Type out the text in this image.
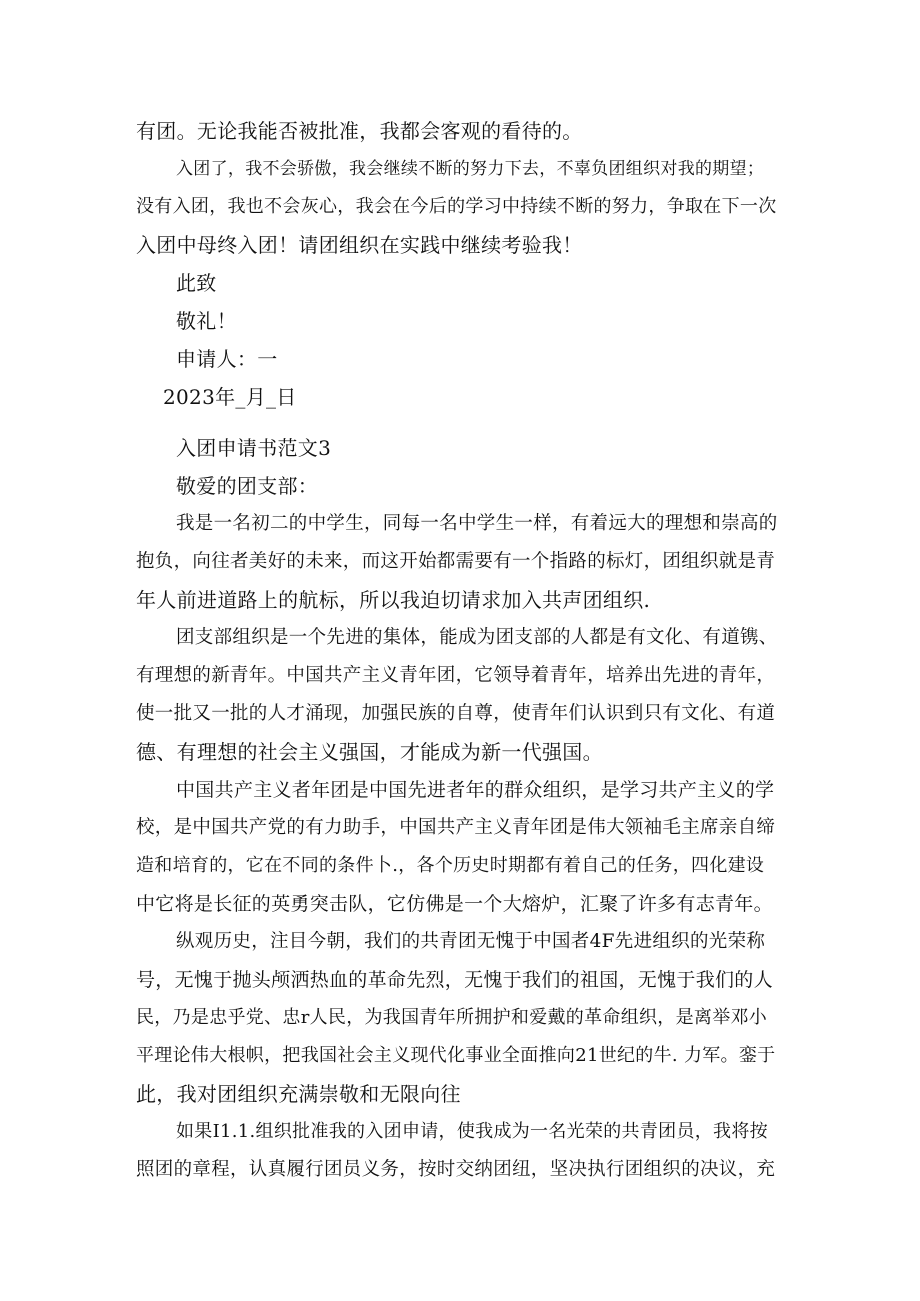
有团。无论我能否被批准，我都会客观的看待的。
入团了，我不会骄傲，我会继续不断的努力下去，不辜负团组织对我的期望；
没有入团，我也不会灰心，我会在今后的学习中持续不断的努力，争取在下一次
入团中母终入团！请团组织在实践中继续考验我！
此致
敬礼！
申请人：一
2023年_月_日
入团申请书范文3
敬爱的团支部：
我是一名初二的中学生，同每一名中学生一样，有着远大的理想和崇高的
抱负，向往者美好的未来，而这开始都需要有一个指路的标灯，团组织就是青
年人前进道路上的航标，所以我迫切请求加入共声团组织.
团支部组织是一个先进的集体，能成为团支部的人都是有文化、有道镌、
有理想的新青年。中国共产主义青年团，它领导着青年，培养出先进的青年，
使一批又一批的人才涌现，加强民族的自尊，使青年们认识到只有文化、有道
德、有理想的社会主义强国，才能成为新一代强国。
中国共产主义者年团是中国先进者年的群众组织，是学习共产主义的学
校，是中国共产党的有力助手，中国共产主义青年团是伟大领袖毛主席亲自缔
造和培育的，它在不同的条件卜.，各个历史时期都有着自己的任务，四化建设
中它将是长征的英勇突击队，它仿佛是一个大熔炉，汇聚了许多有志青年。
纵观历史，注目今朝，我们的共青团无愧于中国者4F先进组织的光荣称
号，无愧于抛头颅洒热血的革命先烈，无愧于我们的祖国，无愧于我们的人
民，乃是忠乎党、忠r人民，为我国青年所拥护和爱戴的革命组织，是离举邓小
平理论伟大根帜，把我国社会主义现代化事业全面推向21世纪的牛. 力军。銮于
此，我对团组织充满崇敬和无限向往
如果I1.1.组织批准我的入团申请，使我成为一名光荣的共青团员，我将按
照团的章程，认真履行团员义务，按时交纳团纽，坚决执行团组织的决议，充
